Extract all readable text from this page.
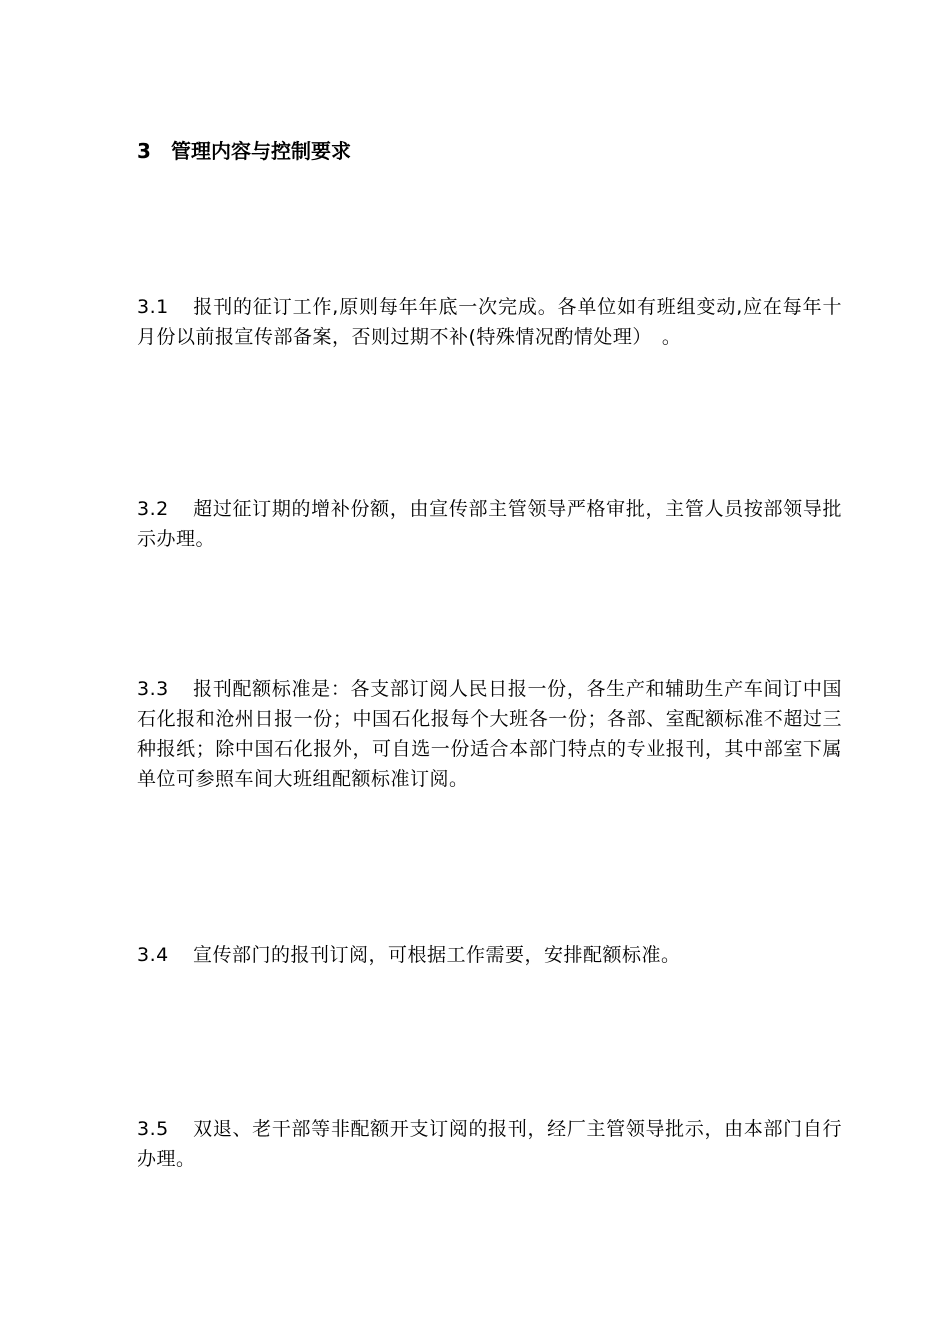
3 管理内容与控制要求
3.1 报刊的征订工作,原则每年年底一次完成。各单位如有班组变动,应在每年十月份以前报宣传部备案，否则过期不补(特殊情况酌情处理）　。
3.2 超过征订期的增补份额，由宣传部主管领导严格审批，主管人员按部领导批示办理。
3.3 报刊配额标准是：各支部订阅人民日报一份，各生产和辅助生产车间订中国石化报和沧州日报一份；中国石化报每个大班各一份；各部、室配额标准不超过三种报纸；除中国石化报外，可自选一份适合本部门特点的专业报刊，其中部室下属单位可参照车间大班组配额标准订阅。
3.4 宣传部门的报刊订阅，可根据工作需要，安排配额标准。
3.5 双退、老干部等非配额开支订阅的报刊，经厂主管领导批示，由本部门自行办理。
